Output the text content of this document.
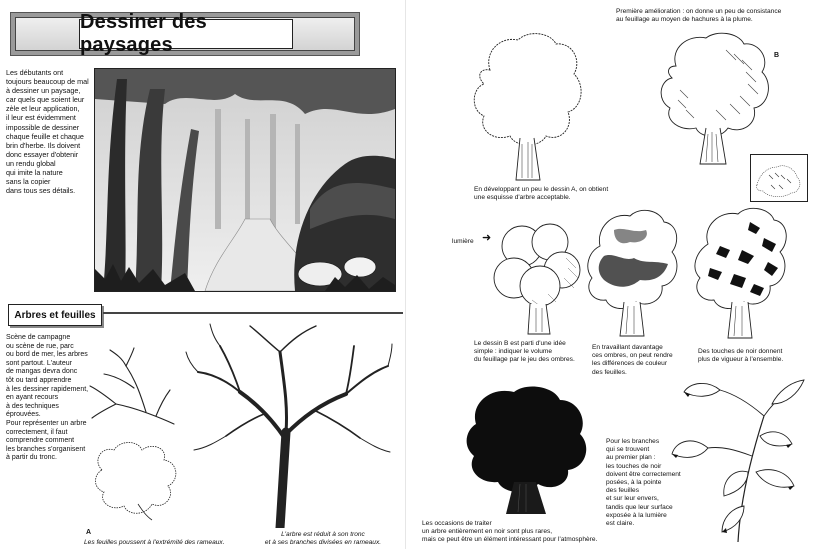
Dessiner des paysages
Les débutants ont
toujours beaucoup de mal
à dessiner un paysage,
car quels que soient leur
zèle et leur application,
il leur est évidemment
impossible de dessiner
chaque feuille et chaque
brin d'herbe. Ils doivent
donc essayer d'obtenir
un rendu global
qui imite la nature
sans la copier
dans tous ses détails.
Arbres et feuilles
Scène de campagne
ou scène de rue, parc
ou bord de mer, les arbres
sont partout. L'auteur
de mangas devra donc
tôt ou tard apprendre
à les dessiner rapidement,
en ayant recours
à des techniques
éprouvées.
Pour représenter un arbre
correctement, il faut
comprendre comment
les branches s'organisent
à partir du tronc.
A
Les feuilles poussent à l'extrémité des rameaux.
L'arbre est réduit à son tronc
et à ses branches divisées en rameaux.
Première amélioration : on donne un peu de consistance
au feuillage au moyen de hachures à la plume.
B
En développant un peu le dessin A, on obtient
une esquisse d'arbre acceptable.
lumière ➜
Le dessin B est parti d'une idée
simple : indiquer le volume
du feuillage par le jeu des ombres.
En travaillant davantage
ces ombres, on peut rendre
les différences de couleur
des feuilles.
Des touches de noir donnent
plus de vigueur à l'ensemble.
Les occasions de traiter
un arbre entièrement en noir sont plus rares,
mais ce peut être un élément intéressant pour l'atmosphère.
Pour les branches
qui se trouvent
au premier plan :
les touches de noir
doivent être correctement
posées, à la pointe
des feuilles
et sur leur envers,
tandis que leur surface
exposée à la lumière
est claire.
